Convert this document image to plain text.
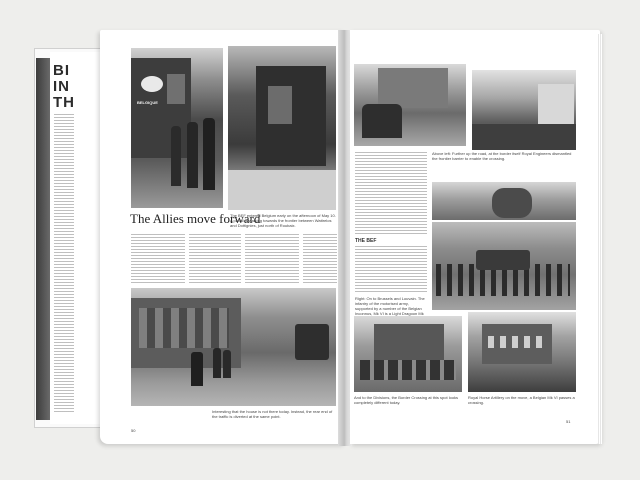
BI
IN
TH	BELGIQUE
The Allies move forward
The BEF entered Belgium early on the afternoon of May 10. A patrol is walking towards the frontier between Wattrelos and Dottignies, just north of Roubaix.
Interesting that the house is not there today. Instead, the rear end of the traffic is diverted at the same point.
50
Above left: Further up the road, at the border itself Royal Engineers dismantled the frontier barrier to enable the crossing.
THE BEF
Right: On to Brussels and Louvain. The infantry of the motorised army, supported by a number of the Belgian Inconnus, Mk VI is a Light Dragoon Mk
And to the Divisions, the Border Crossing at this spot looks completely different today.
Royal Horse Artillery on the move, a Belgian Mk VI passes a crossing.
51
